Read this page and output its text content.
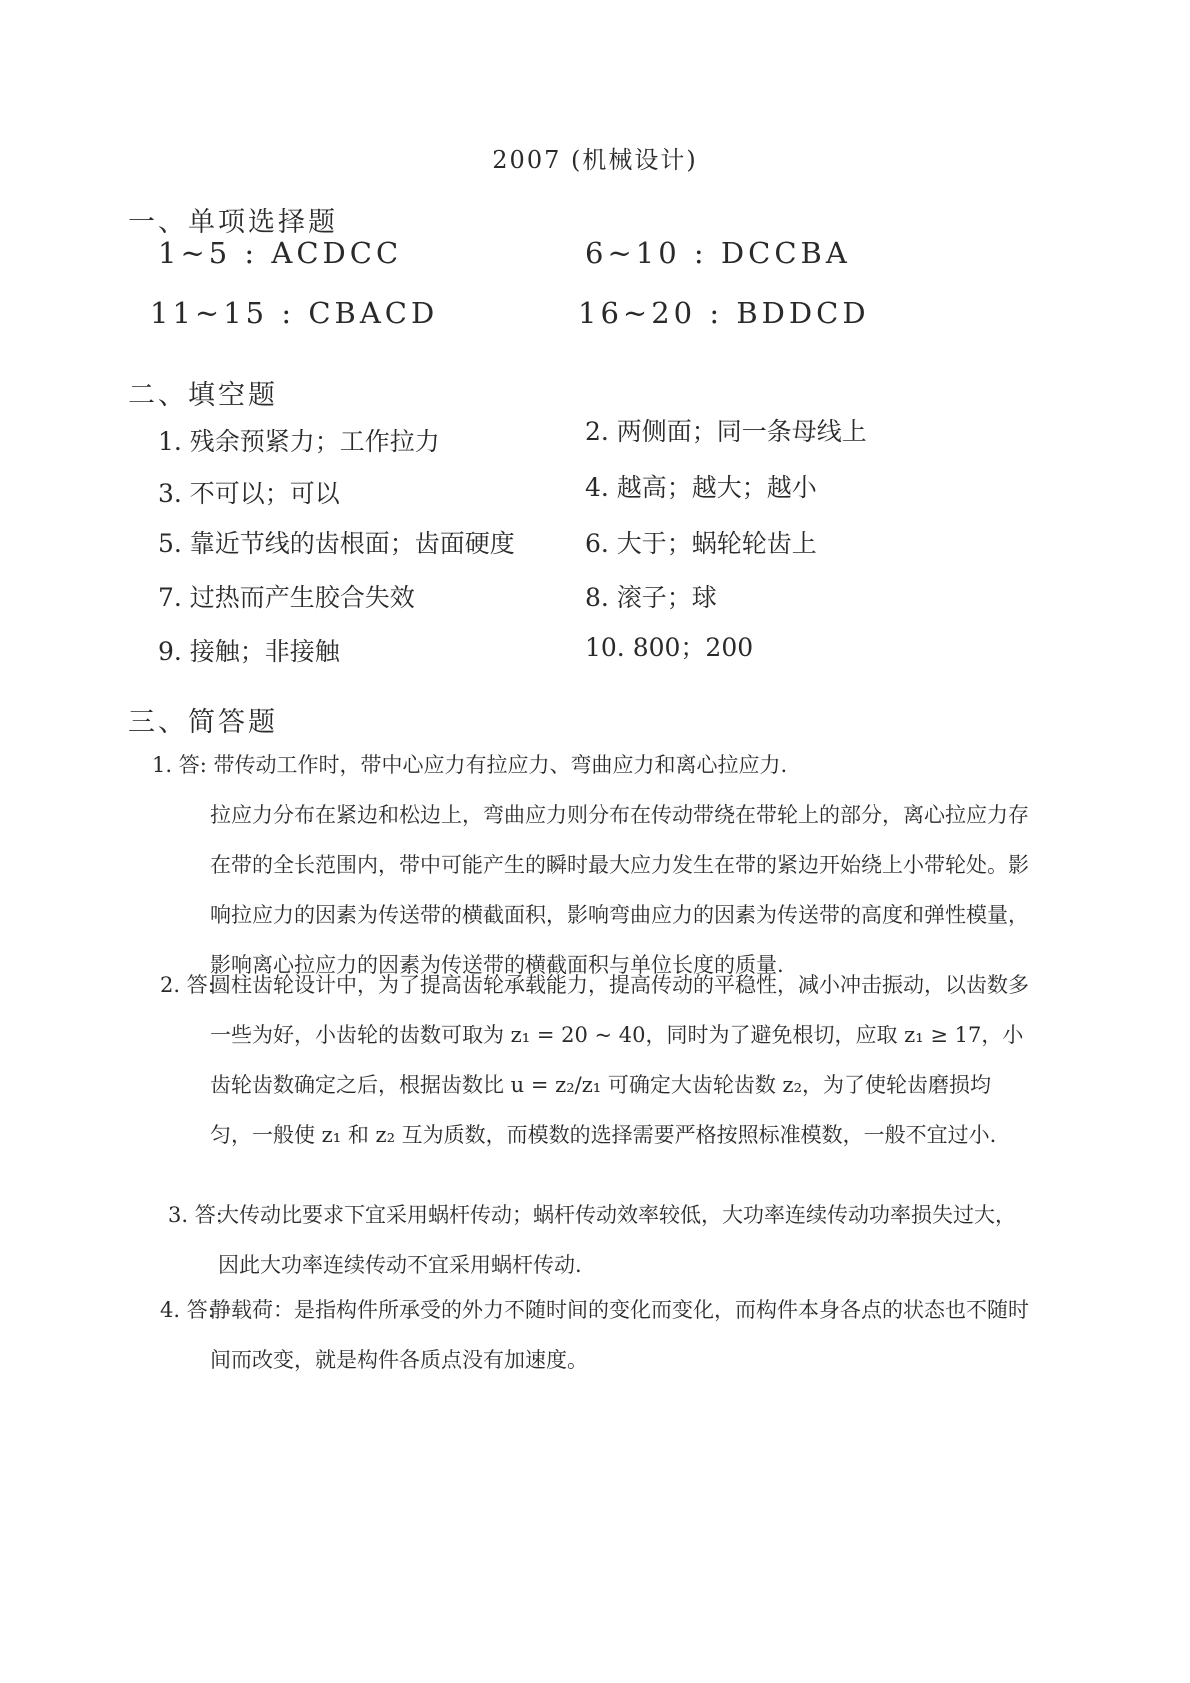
2007 (机械设计)
一、单项选择题
1~5 : ACDCC	6~10 : DCCBA
11~15 : CBACD	16~20 : BDDCD
二、填空题
1. 残余预紧力；工作拉力	2. 两侧面；同一条母线上
3. 不可以；可以	4. 越高；越大；越小
5. 靠近节线的齿根面；齿面硬度	6. 大于；蜗轮轮齿上
7. 过热而产生胶合失效	8. 滚子；球
9. 接触；非接触	10. 800；200
三、简答题
1. 答: 带传动工作时，带中心应力有拉应力、弯曲应力和离心拉应力.
拉应力分布在紧边和松边上，弯曲应力则分布在传动带绕在带轮上的部分，离心拉应力存在带的全长范围内，带中可能产生的瞬时最大应力发生在带的紧边开始绕上小带轮处。影响拉应力的因素为传送带的横截面积，影响弯曲应力的因素为传送带的高度和弹性模量，影响离心拉应力的因素为传送带的横截面积与单位长度的质量.
2. 答:
圆柱齿轮设计中，为了提高齿轮承载能力，提高传动的平稳性，减小冲击振动，以齿数多一些为好，小齿轮的齿数可取为 z₁ = 20 ~ 40，同时为了避免根切，应取 z₁ ≥ 17，小齿轮齿数确定之后，根据齿数比 u = z₂/z₁ 可确定大齿轮齿数 z₂，为了使轮齿磨损均匀，一般使 z₁ 和 z₂ 互为质数，而模数的选择需要严格按照标准模数，一般不宜过小.
3. 答:
大传动比要求下宜采用蜗杆传动；蜗杆传动效率较低，大功率连续传动功率损失过大，因此大功率连续传动不宜采用蜗杆传动.
4. 答:
静载荷：是指构件所承受的外力不随时间的变化而变化，而构件本身各点的状态也不随时间而改变，就是构件各质点没有加速度。
